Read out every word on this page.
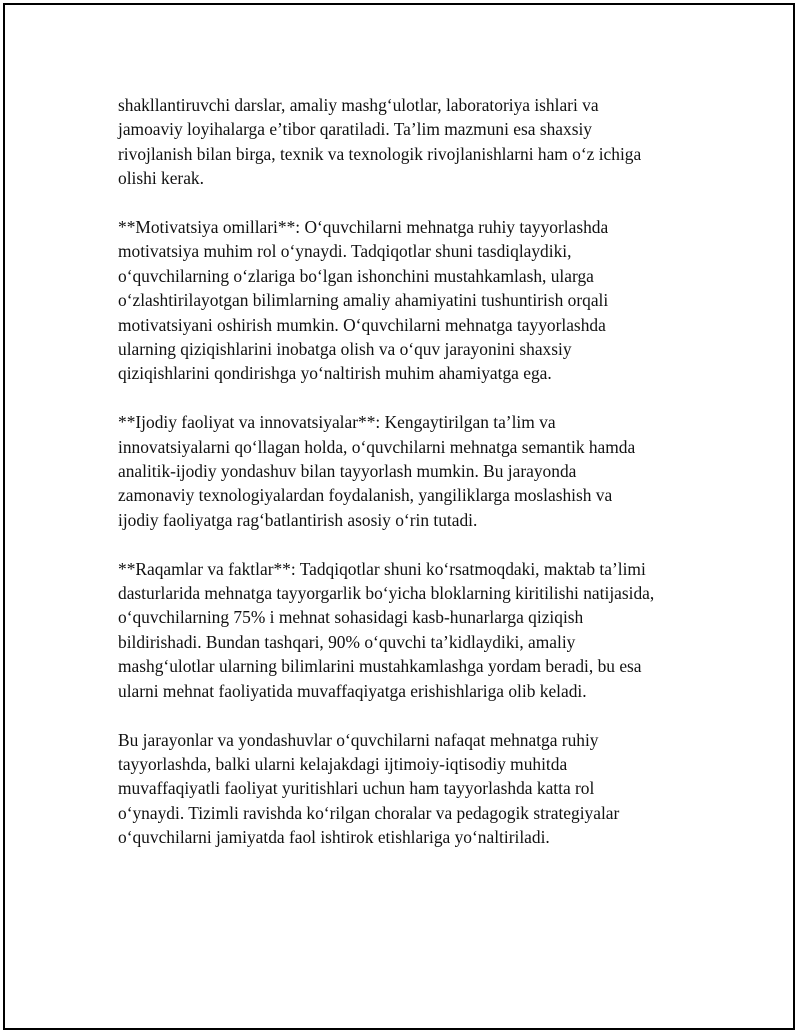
shakllantiruvchi darslar, amaliy mashg‘ulotlar, laboratoriya ishlari va
jamoaviy loyihalarga e’tibor qaratiladi. Ta’lim mazmuni esa shaxsiy
rivojlanish bilan birga, texnik va texnologik rivojlanishlarni ham o‘z ichiga
olishi kerak.

**Motivatsiya omillari**: O‘quvchilarni mehnatga ruhiy tayyorlashda
motivatsiya muhim rol o‘ynaydi. Tadqiqotlar shuni tasdiqlaydiki,
o‘quvchilarning o‘zlariga bo‘lgan ishonchini mustahkamlash, ularga
o‘zlashtirilayotgan bilimlarning amaliy ahamiyatini tushuntirish orqali
motivatsiyani oshirish mumkin. O‘quvchilarni mehnatga tayyorlashda
ularning qiziqishlarini inobatga olish va o‘quv jarayonini shaxsiy
qiziqishlarini qondirishga yo‘naltirish muhim ahamiyatga ega.

**Ijodiy faoliyat va innovatsiyalar**: Kengaytirilgan ta’lim va
innovatsiyalarni qo‘llagan holda, o‘quvchilarni mehnatga semantik hamda
analitik-ijodiy yondashuv bilan tayyorlash mumkin. Bu jarayonda
zamonaviy texnologiyalardan foydalanish, yangiliklarga moslashish va
ijodiy faoliyatga rag‘batlantirish asosiy o‘rin tutadi.

**Raqamlar va faktlar**: Tadqiqotlar shuni ko‘rsatmoqdaki, maktab ta’limi
dasturlarida mehnatga tayyorgarlik bo‘yicha bloklarning kiritilishi natijasida,
o‘quvchilarning 75% i mehnat sohasidagi kasb-hunarlarga qiziqish
bildirishadi. Bundan tashqari, 90% o‘quvchi ta’kidlaydiki, amaliy
mashg‘ulotlar ularning bilimlarini mustahkamlashga yordam beradi, bu esa
ularni mehnat faoliyatida muvaffaqiyatga erishishlariga olib keladi.

Bu jarayonlar va yondashuvlar o‘quvchilarni nafaqat mehnatga ruhiy
tayyorlashda, balki ularni kelajakdagi ijtimoiy-iqtisodiy muhitda
muvaffaqiyatli faoliyat yuritishlari uchun ham tayyorlashda katta rol
o‘ynaydi. Tizimli ravishda ko‘rilgan choralar va pedagogik strategiyalar
o‘quvchilarni jamiyatda faol ishtirok etishlariga yo‘naltiriladi.
